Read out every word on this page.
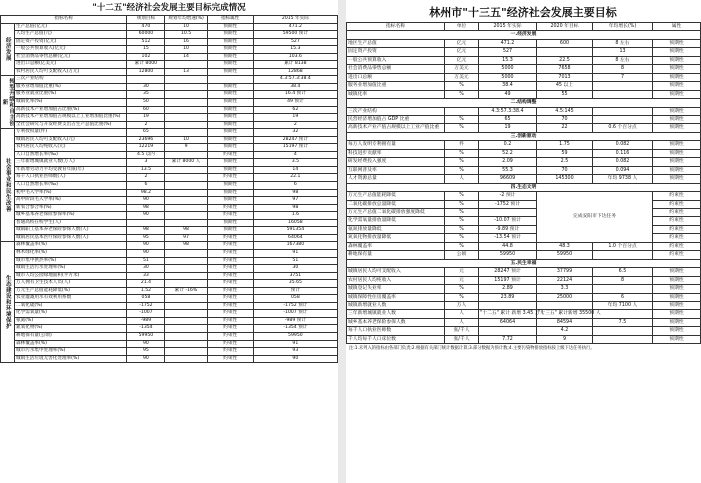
"十二五"经济社会发展主要目标完成情况
指标名称		规划目标	规划年均增速(%)	指标属性	2015 年实际
经济发展	生产总值(亿元)	470	10	预期性	471.2
	人均生产总值(元)	60000	10.5	预期性	59500 预计
	固定资产投资(亿元)	512	16	预期性	527
	一般公共预算收入(亿元)	15	10	预期性	15.3
	社会消费品零售总额(亿元)	102	14	预期性	103.6
	进出口总额(亿美元)	累计 8000		预期性	累计 8138
	农村居民人均可支配收入(万元)	12800	13	预期性	12868
转型升级和自主创新	三次产业结构				4.3:57.3:38.4
	服务业增加值比重(%)	30		预期性	38.4
	服务业就业比重(%)	35		预期性	16.4 预计
	城镇化率(%)	50		预期性	49 预计
	高新技术产业增加值占比重(%)	60		预期性	62
	高新技术产业增加值占规模以上工业增加值比重(%)	19		预期性	19
	全社会研究与开发经费支出占生产总值比重(%)	2		预期性	2
社会事业和民生改善	专利授权量(件)	65		预期性	32
	城镇居民人均可支配收入(元)	23696	10	预期性	28247 预计
	农村居民人均纯收入(元)	12219	9	预期性	15197 预计
	人口自然增长率(‰)	4.5 以内		约束性	4
	三年新增城镇就业人数(万人)	3	累计 8000 人	预期性	3.5
	年新增劳动力平均受教育年限(年)	13.5		预期性	14
	每千人口执业医师数(人)	2		约束性	22.1
	人口自然增长率(‰)	6		预期性	6
	初中毛入学率(%)	98.2		预期性	98
	高中阶段毛入学率(%)	90		预期性	97
	新农合参合率(%)	98		约束性	98
	城乡基本养老保险参保率(%)	90		约束性	1.6
	普通高校在校学生(人)			预期性	16058
	城镇职工基本养老保险参保人数(人)	98	98	预期性	591354
	城镇居民基本医疗保险参保人数(人)	95	97	约束性	64064
生态建设和环境保护	森林覆盖率(%)	90	98	约束性	167380
	林木绿化率(%)	90		约束性	91
	城市集中供热率(%)	51		约束性	51
	城镇生活污水处理率(%)	30		约束性	30
	城市人均公园绿地面积(平方米)	33		约束性	3751
	万人拥有卫生技术人员(人)	21.4		约束性	35.65
	万元生产总值能耗降低(%)	1.52	累计 -16%	约束性	预计
	农业灌溉用水有效利用系数	058		约束性	058
	二氧化硫(%)	-1752		约束性	-1752 预计
	化学需氧量(%)	-1007		约束性	-1007 预计
	氨氮(%)	-989		约束性	-989 预计
	氮氧化物(%)	-1354		约束性	-1354 预计
	耕地保有量(公顷)	59950		约束性	59950
	森林覆盖率(%)	90		约束性	91
	城市污水集中处理率(%)	95		约束性	93
	城镇生活垃圾无害化处理率(%)	90		约束性	90
林州市"十三五"经济社会发展主要目标
指标名称	单位	2015 年实际	2020 年目标	年均增长(%)	属性
一.经济发展					
地区生产总值	亿元	471.2	600	8 左右	预期性
固定资产投资	亿元	527		13	预期性
一般公共预算收入	亿元	15.3	22.5	8 左右	预期性
社会消费品零售总额	万美元	5000	7658	8	预期性
进出口总额	万美元	5000	7013	7	预期性
服务业增加值比重	%	38.4	45 以上		预期性
城镇化率	%	49	55		预期性
二.结构调整					
三次产业结构		4.3:57.3:38.4	4.5:145		预期性
民营经济增加值占 GDP 比重	%	65	70		预期性
高新技术产业产值占规模以上工业产值比重	%	19	22	0.6 个百分点	预期性
三.创新驱动					
每万人发明专利拥有量	件	0.2	1.75	0.082	预期性
科技进步贡献率	%	52.2	59	0.116	预期性
研发经费投入强度	%	2.09	2.5	0.082	预期性
互联网普及率	%	55.3	70	0.094	预期性
人才资源总量	人	96609	145300	年均 9738 人	预期性
四.生态文明					
万元生产总值能耗降低	%	-2 预计	完成安阳市下达任务		约束性
二氧化碳排放总量降低	%	-1752 预计			约束性
万元生产总值二氧化碳排放强度降低	%				约束性
化学需氧量排放量降低	%	-10.07 预计			约束性
氨氮排放量降低	%	-9.89 预计			约束性
氮氧化物排放量降低	%	-13.54 预计			约束性
森林覆盖率	%	44.8	48.3	1.0 个百分点	约束性
耕地保有量	公顷	59950	59950		约束性
五.民生幸福					
城镇居民人均可支配收入	元	28247 预计	37799	6.5	预期性
农村居民人均纯收入	元	15197 预计	22124	8	预期性
城镇登记失业率	%	2.89	3.3		预期性
城镇保障性住房覆盖率	%	23.89	25000	6	预期性
城镇新增就业人数	万人			年均 7100 人	预期性
三年新增城镇就业人数	人	"十二五" 累计 新增 3.45 万人	"十三五" 累计新增 35500 人		预期性
城乡基本养老保险参保人数	人	64064	84594	7.5	预期性
每千人口执业医师数	张/千人		4.2		预期性
千人均每千人口床位数	张/千人	7.72	9		预期性
注:1.未列入的指标由各部门负责;2.根据有关部门统计数据计算;3.部分数据为预计数;4.主要污染物排放指标按上级下达任务执行。
